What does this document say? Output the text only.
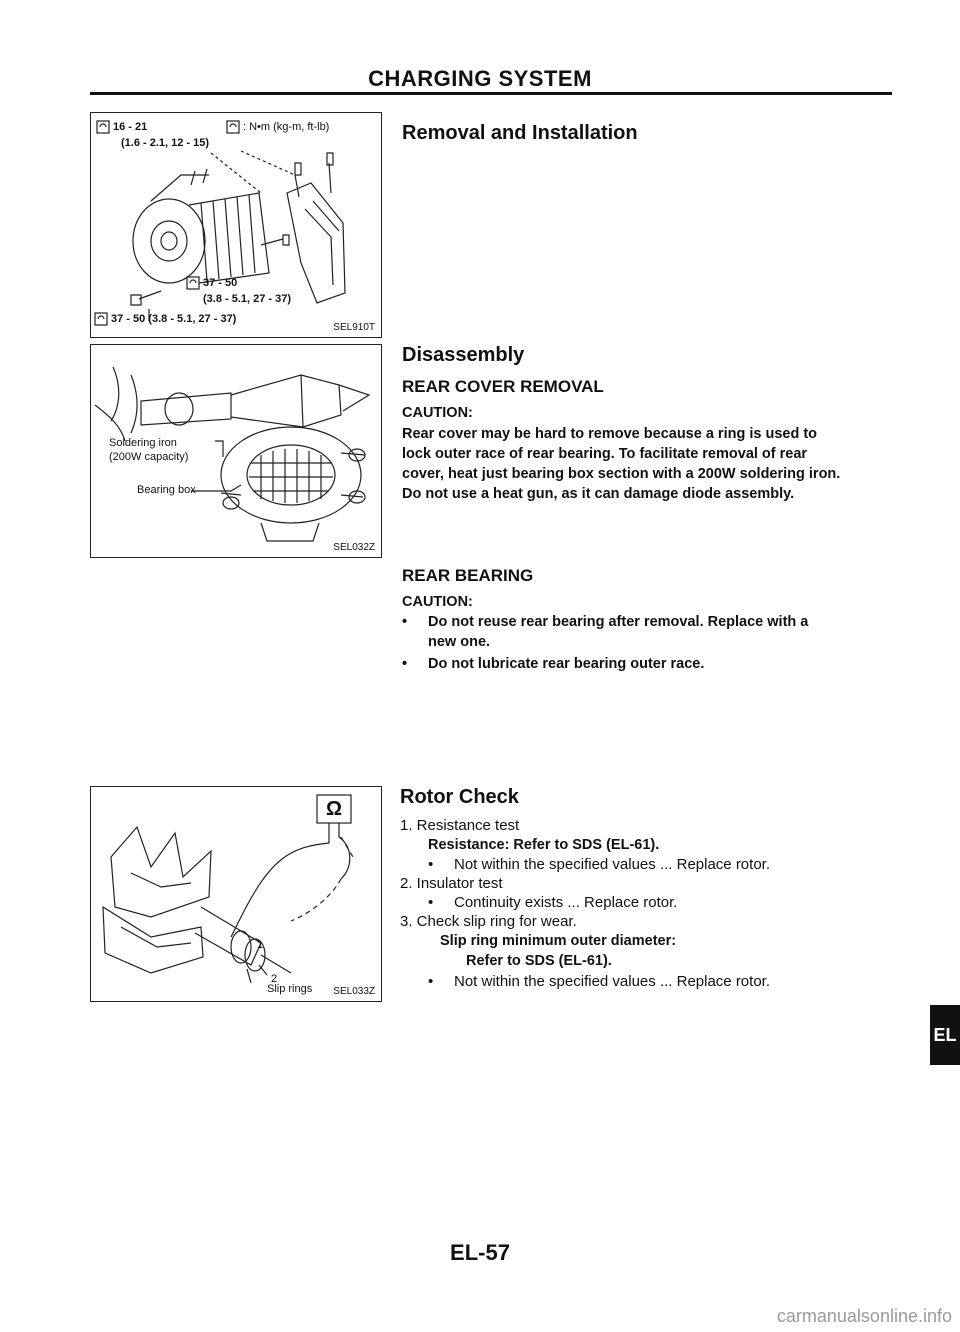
CHARGING SYSTEM
16 - 21
(1.6 - 2.1, 12 - 15)
: N•m (kg-m, ft-lb)
37 - 50
(3.8 - 5.1, 27 - 37)
37 - 50 (3.8 - 5.1, 27 - 37)
SEL910T
Soldering iron
(200W capacity)
Bearing box
SEL032Z
Ω
1
2
Slip rings SEL033Z
Removal and Installation
Disassembly
REAR COVER REMOVAL
CAUTION:
Rear cover may be hard to remove because a ring is used to
lock outer race of rear bearing. To facilitate removal of rear
cover, heat just bearing box section with a 200W soldering iron.
Do not use a heat gun, as it can damage diode assembly.
REAR BEARING
CAUTION:
• Do not reuse rear bearing after removal. Replace with a
new one.
• Do not lubricate rear bearing outer race.
Rotor Check
1. Resistance test
Resistance: Refer to SDS (EL-61).
• Not within the specified values ... Replace rotor.
2. Insulator test
• Continuity exists ... Replace rotor.
3. Check slip ring for wear.
Slip ring minimum outer diameter:
Refer to SDS (EL-61).
• Not within the specified values ... Replace rotor.
EL
EL-57
carmanualsonline.info
